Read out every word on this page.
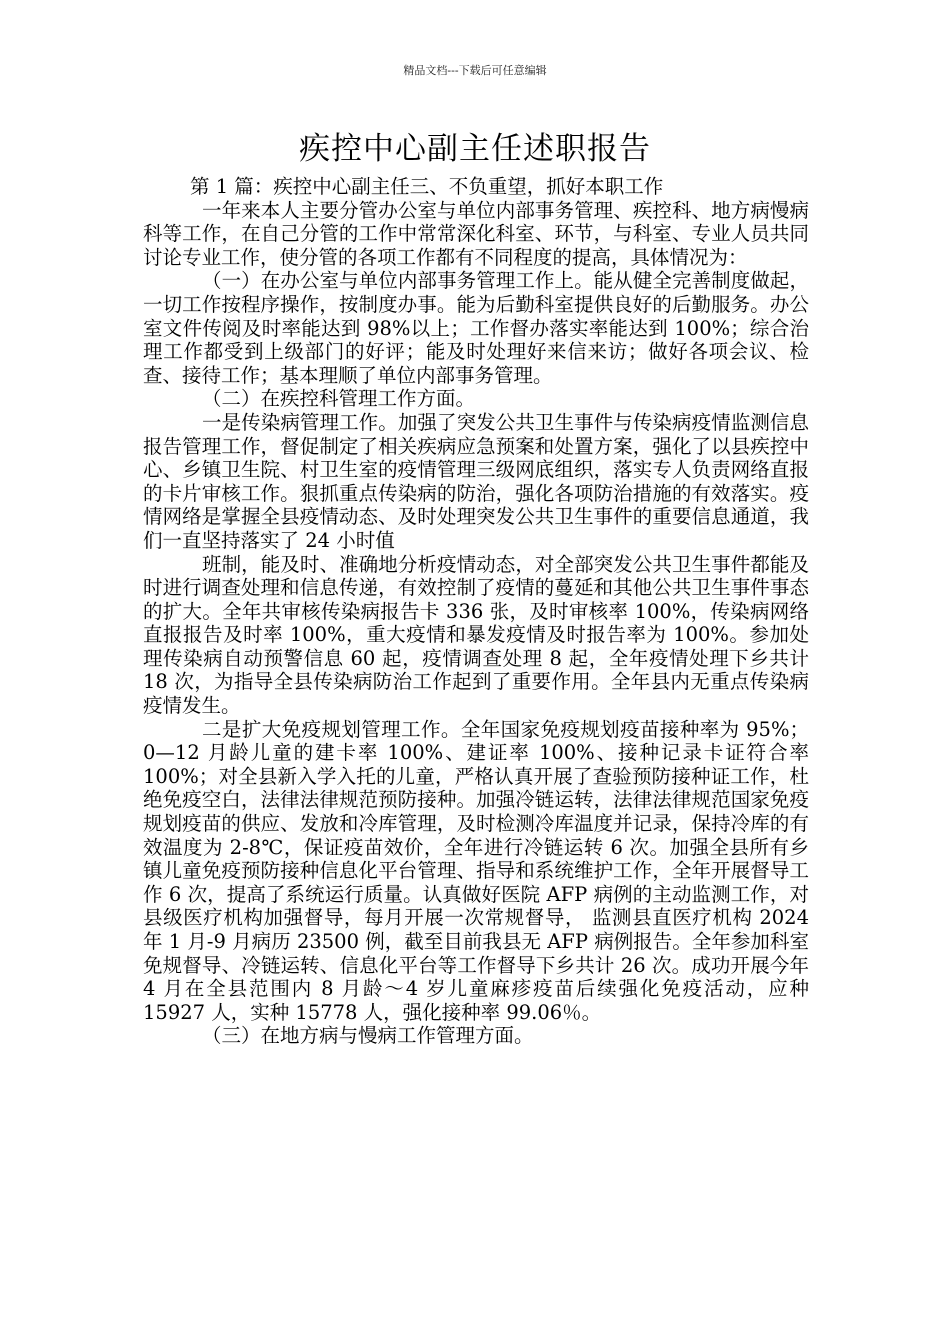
精品文档---下载后可任意编辑
疾控中心副主任述职报告

第 1 篇：疾控中心副主任三、不负重望，抓好本职工作

一年来本人主要分管办公室与单位内部事务管理、疾控科、地方病慢病科等工作，在自己分管的工作中常常深化科室、环节，与科室、专业人员共同讨论专业工作，使分管的各项工作都有不同程度的提高，具体情况为：

（一）在办公室与单位内部事务管理工作上。能从健全完善制度做起，一切工作按程序操作，按制度办事。能为后勤科室提供良好的后勤服务。办公室文件传阅及时率能达到 98%以上；工作督办落实率能达到 100%；综合治理工作都受到上级部门的好评；能及时处理好来信来访；做好各项会议、检查、接待工作；基本理顺了单位内部事务管理。

（二）在疾控科管理工作方面。

一是传染病管理工作。加强了突发公共卫生事件与传染病疫情监测信息报告管理工作，督促制定了相关疾病应急预案和处置方案，强化了以县疾控中心、乡镇卫生院、村卫生室的疫情管理三级网底组织，落实专人负责网络直报的卡片审核工作。狠抓重点传染病的防治，强化各项防治措施的有效落实。疫情网络是掌握全县疫情动态、及时处理突发公共卫生事件的重要信息通道，我们一直坚持落实了 24 小时值

班制，能及时、准确地分析疫情动态，对全部突发公共卫生事件都能及时进行调查处理和信息传递，有效控制了疫情的蔓延和其他公共卫生事件事态的扩大。全年共审核传染病报告卡 336 张，及时审核率 100%，传染病网络直报报告及时率 100%，重大疫情和暴发疫情及时报告率为 100%。参加处理传染病自动预警信息 60 起，疫情调查处理 8 起，全年疫情处理下乡共计 18 次，为指导全县传染病防治工作起到了重要作用。全年县内无重点传染病疫情发生。

二是扩大免疫规划管理工作。全年国家免疫规划疫苗接种率为 95%；0—12 月龄儿童的建卡率 100%、建证率 100%、接种记录卡证符合率 100%；对全县新入学入托的儿童，严格认真开展了查验预防接种证工作，杜绝免疫空白，法律法律规范预防接种。加强冷链运转，法律法律规范国家免疫规划疫苗的供应、发放和冷库管理，及时检测冷库温度并记录，保持冷库的有效温度为 2-8℃，保证疫苗效价，全年进行冷链运转 6 次。加强全县所有乡镇儿童免疫预防接种信息化平台管理、指导和系统维护工作，全年开展督导工作 6 次，提高了系统运行质量。认真做好医院 AFP 病例的主动监测工作，对县级医疗机构加强督导，每月开展一次常规督导， 监测县直医疗机构 2024 年 1 月-9 月病历 23500 例，截至目前我县无 AFP 病例报告。全年参加科室免规督导、冷链运转、信息化平台等工作督导下乡共计 26 次。成功开展今年 4 月在全县范围内 8 月龄～4 岁儿童麻疹疫苗后续强化免疫活动，应种 15927 人，实种 15778 人，强化接种率 99.06％。

（三）在地方病与慢病工作管理方面。
